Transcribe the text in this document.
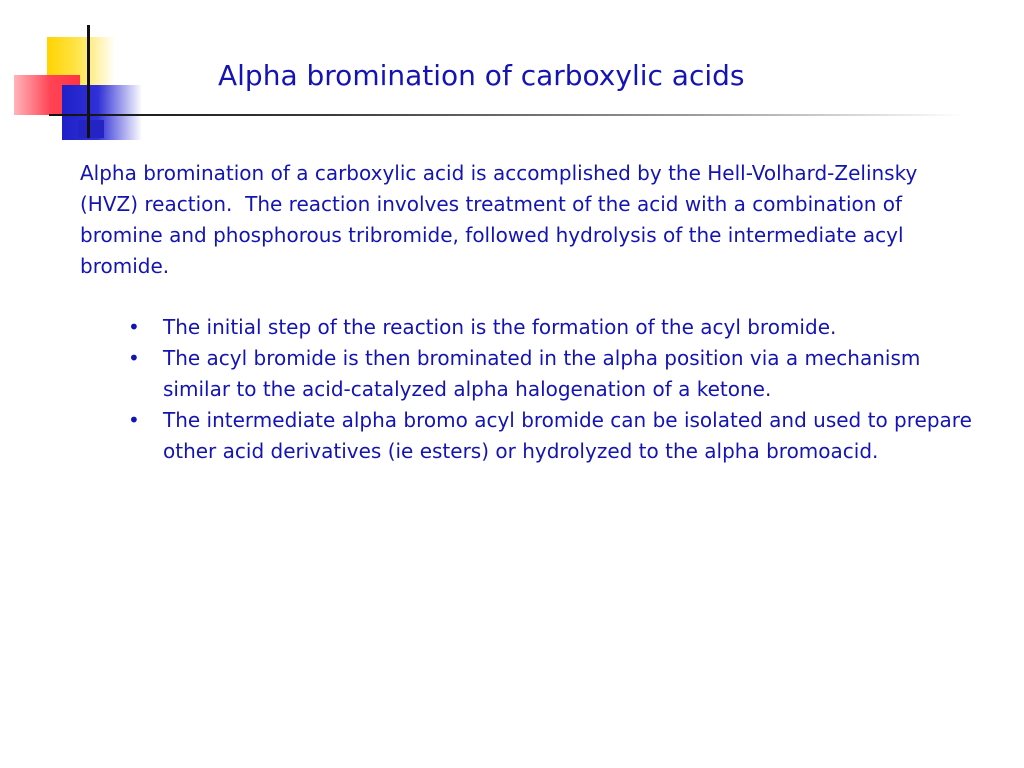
Alpha bromination of carboxylic acids

Alpha bromination of a carboxylic acid is accomplished by the Hell-Volhard-Zelinsky (HVZ) reaction.  The reaction involves treatment of the acid with a combination of bromine and phosphorous tribromide, followed hydrolysis of the intermediate acyl bromide.

• The initial step of the reaction is the formation of the acyl bromide.
• The acyl bromide is then brominated in the alpha position via a mechanism similar to the acid-catalyzed alpha halogenation of a ketone.
• The intermediate alpha bromo acyl bromide can be isolated and used to prepare other acid derivatives (ie esters) or hydrolyzed to the alpha bromoacid.
